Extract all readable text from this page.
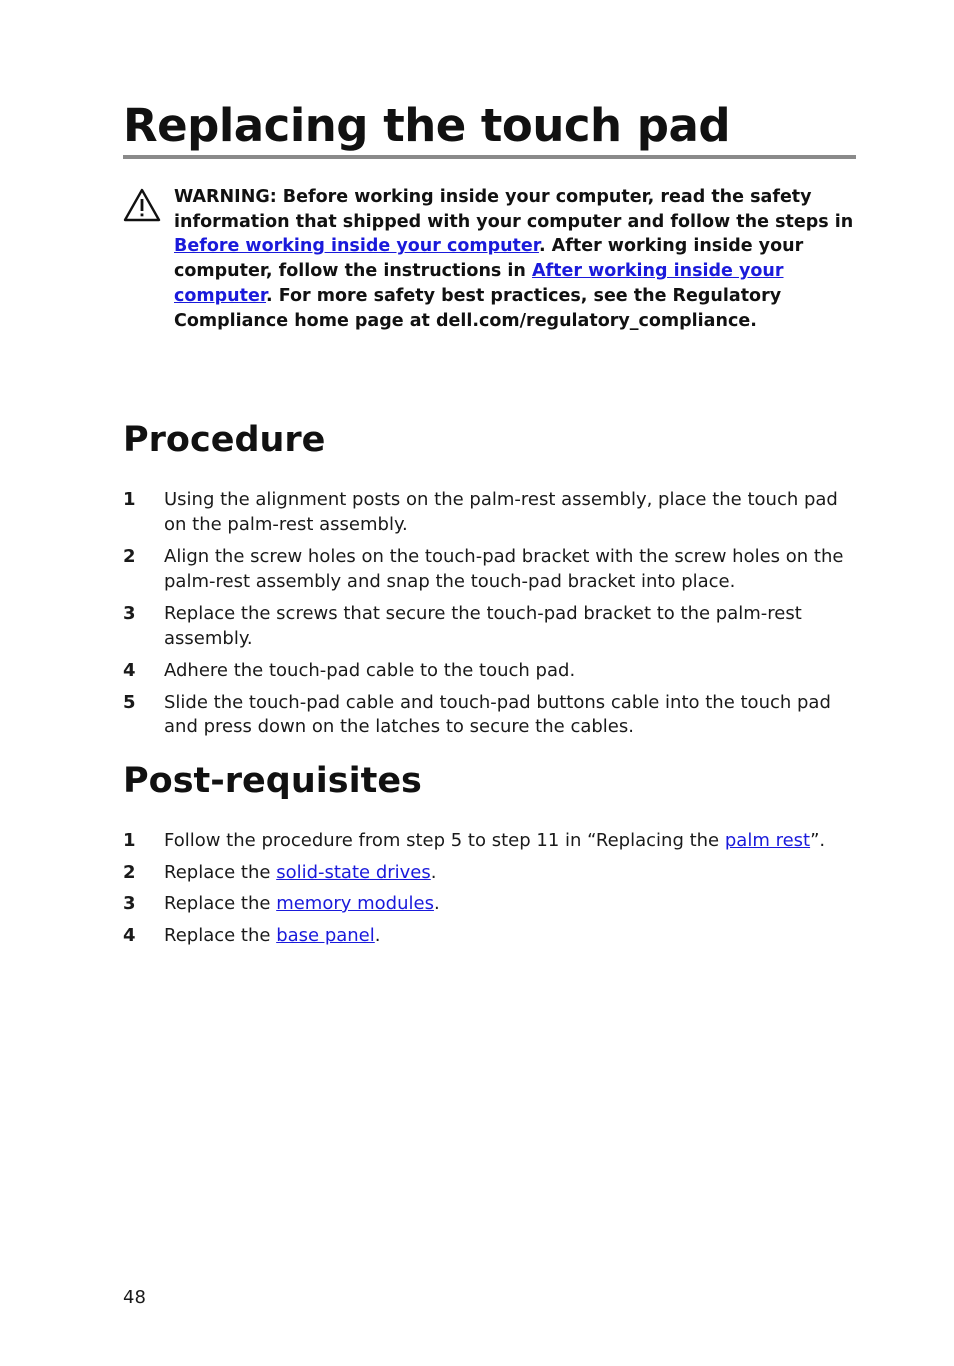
Replacing the touch pad

WARNING: Before working inside your computer, read the safety information that shipped with your computer and follow the steps in Before working inside your computer. After working inside your computer, follow the instructions in After working inside your computer. For more safety best practices, see the Regulatory Compliance home page at dell.com/regulatory_compliance.

Procedure
1 Using the alignment posts on the palm-rest assembly, place the touch pad on the palm-rest assembly.
2 Align the screw holes on the touch-pad bracket with the screw holes on the palm-rest assembly and snap the touch-pad bracket into place.
3 Replace the screws that secure the touch-pad bracket to the palm-rest assembly.
4 Adhere the touch-pad cable to the touch pad.
5 Slide the touch-pad cable and touch-pad buttons cable into the touch pad and press down on the latches to secure the cables.
Post-requisites
1 Follow the procedure from step 5 to step 11 in “Replacing the palm rest”.
2 Replace the solid-state drives.
3 Replace the memory modules.
4 Replace the base panel.
48
